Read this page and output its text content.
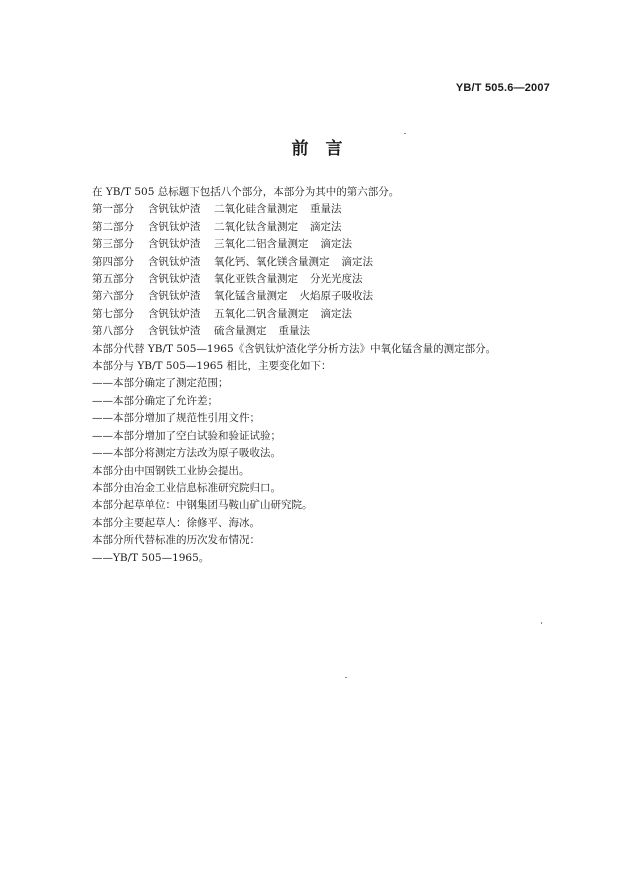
YB/T 505.6—2007
前　言
在 YB/T 505 总标题下包括八个部分，本部分为其中的第六部分。
第一部分	含钒钛炉渣	二氧化硅含量测定 重量法
第二部分	含钒钛炉渣	二氧化钛含量测定 滴定法
第三部分	含钒钛炉渣	三氧化二铝含量测定 滴定法
第四部分	含钒钛炉渣	氧化钙、氧化镁含量测定 滴定法
第五部分	含钒钛炉渣	氧化亚铁含量测定 分光光度法
第六部分	含钒钛炉渣	氧化锰含量测定 火焰原子吸收法
第七部分	含钒钛炉渣	五氧化二钒含量测定 滴定法
第八部分	含钒钛炉渣	硫含量测定 重量法
本部分代替 YB/T 505—1965《含钒钛炉渣化学分析方法》中氧化锰含量的测定部分。
本部分与 YB/T 505—1965 相比，主要变化如下：
——本部分确定了测定范围；
——本部分确定了允许差；
——本部分增加了规范性引用文件；
——本部分增加了空白试验和验证试验；
——本部分将测定方法改为原子吸收法。
本部分由中国钢铁工业协会提出。
本部分由冶金工业信息标准研究院归口。
本部分起草单位：中钢集团马鞍山矿山研究院。
本部分主要起草人：徐修平、海冰。
本部分所代替标准的历次发布情况：
——YB/T 505—1965。
